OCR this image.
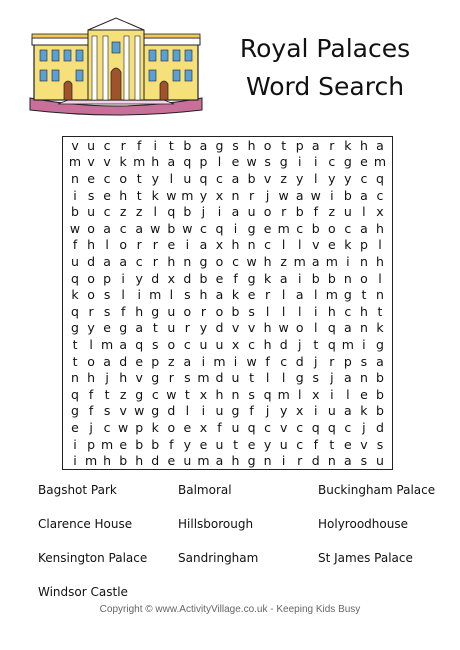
Royal Palaces
Word Search
v u c r f i t b a g s h o t p a r k h a
m v v k m h a q p l e w s g i	i c g e m
n e c o t y l u q c a b v z y l y y c q
i s e h t k w m y x n r j w a w i b a c
b u c z z l q b j	i a u o r b f z u l x
w o a c a w b w c q i g e m c b o c a h
f h l o r r e i a x h n c l	l v e k p l
u d a a c r h n g o c w h z m a m i n h
q o p i y d x d b e f g k a i b b n o l
k o s l	i m l s h a k e r l a l m g t n
q r s f h g u o r o b s l	l	l	i h c h t
g y e g a t u r y d v v h w o l q a n k
t l m a q s o c u u x c h d j t q m i g
t o a d e p z a i m i w f c d j r p s a
n h j h v g r s m d u t l	l g s j a n b
q f t z g c w t x h n s q m l x i	l e b
g f s v w g d l	i u g f j y x i u a k b
e j c w p k o e x f u q c v c q q c j d
i p m e b b f y e u t e y u c f t e v s
i m h b h d e u m a h g n i r d n a s u
Bagshot Park	Balmoral	Buckingham Palace
Clarence House	Hillsborough	Holyroodhouse
Kensington Palace	Sandringham	St James Palace
Windsor Castle
Copyright © www.ActivityVillage.co.uk - Keeping Kids Busy
